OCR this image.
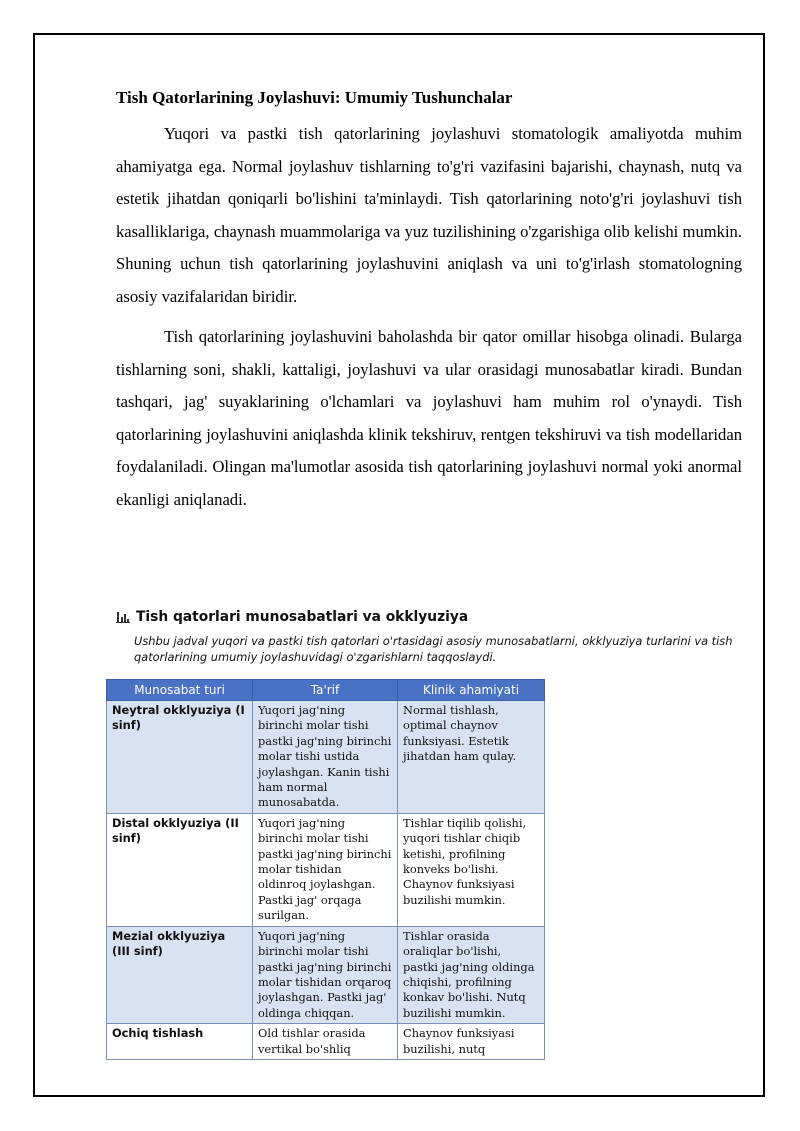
Tish Qatorlarining Joylashuvi: Umumiy Tushunchalar

Yuqori va pastki tish qatorlarining joylashuvi stomatologik amaliyotda muhim ahamiyatga ega. Normal joylashuv tishlarning to'g'ri vazifasini bajarishi, chaynash, nutq va estetik jihatdan qoniqarli bo'lishini ta'minlaydi. Tish qatorlarining noto'g'ri joylashuvi tish kasalliklariga, chaynash muammolariga va yuz tuzilishining o'zgarishiga olib kelishi mumkin. Shuning uchun tish qatorlarining joylashuvini aniqlash va uni to'g'irlash stomatologning asosiy vazifalaridan biridir.

Tish qatorlarining joylashuvini baholashda bir qator omillar hisobga olinadi. Bularga tishlarning soni, shakli, kattaligi, joylashuvi va ular orasidagi munosabatlar kiradi. Bundan tashqari, jag' suyaklarining o'lchamlari va joylashuvi ham muhim rol o'ynaydi. Tish qatorlarining joylashuvini aniqlashda klinik tekshiruv, rentgen tekshiruvi va tish modellaridan foydalaniladi. Olingan ma'lumotlar asosida tish qatorlarining joylashuvi normal yoki anormal ekanligi aniqlanadi.

Tish qatorlari munosabatlari va okklyuziya
Ushbu jadval yuqori va pastki tish qatorlari o'rtasidagi asosiy munosabatlarni, okklyuziya turlarini va tish qatorlarining umumiy joylashuvidagi o'zgarishlarni taqqoslaydi.
Munosabat turi	Ta'rif	Klinik ahamiyati
Neytral okklyuziya (I sinf)	Yuqori jag'ning birinchi molar tishi pastki jag'ning birinchi molar tishi ustida joylashgan. Kanin tishi ham normal munosabatda.	Normal tishlash, optimal chaynov funksiyasi. Estetik jihatdan ham qulay.
Distal okklyuziya (II sinf)	Yuqori jag'ning birinchi molar tishi pastki jag'ning birinchi molar tishidan oldinroq joylashgan. Pastki jag' orqaga surilgan.	Tishlar tiqilib qolishi, yuqori tishlar chiqib ketishi, profilning konveks bo'lishi. Chaynov funksiyasi buzilishi mumkin.
Mezial okklyuziya (III sinf)	Yuqori jag'ning birinchi molar tishi pastki jag'ning birinchi molar tishidan orqaroq joylashgan. Pastki jag' oldinga chiqqan.	Tishlar orasida oraliqlar bo'lishi, pastki jag'ning oldinga chiqishi, profilning konkav bo'lishi. Nutq buzilishi mumkin.
Ochiq tishlash	Old tishlar orasida vertikal bo'shliq	Chaynov funksiyasi buzilishi, nutq
